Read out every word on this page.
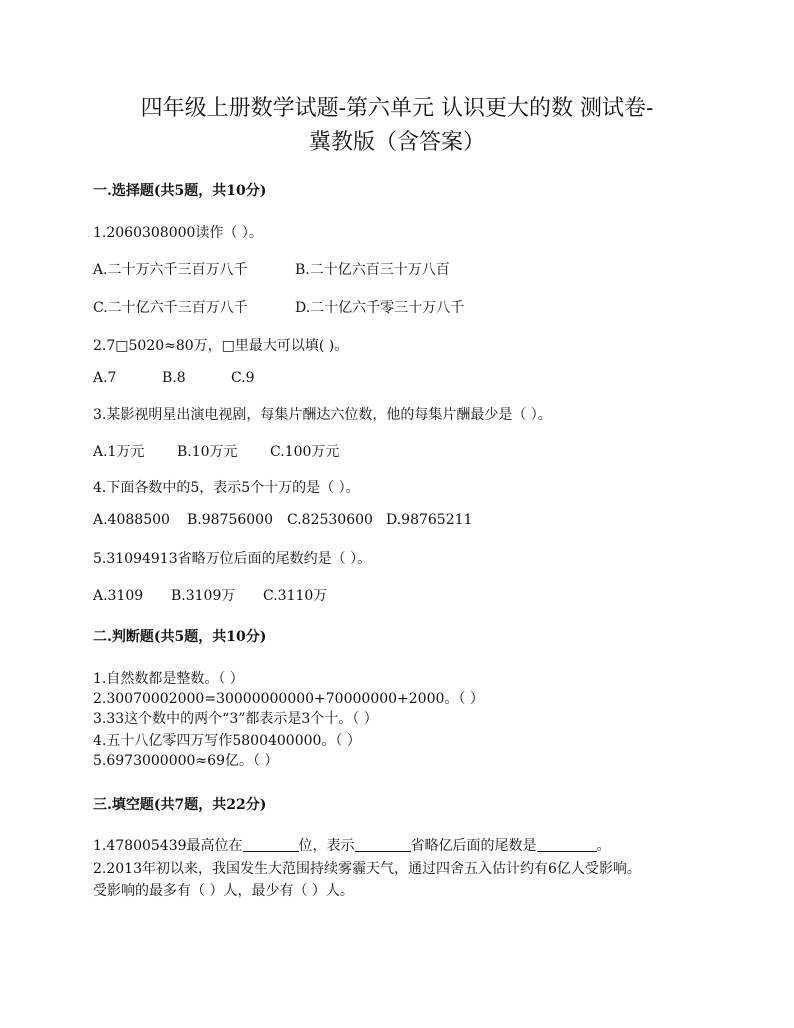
四年级上册数学试题-第六单元 认识更大的数 测试卷-
冀教版（含答案）
一.选择题(共5题，共10分)
1.2060308000读作（ ）。
A.二十万六千三百万八千	B.二十亿六百三十万八百
C.二十亿六千三百万八千	D.二十亿六千零三十万八千
2.7□5020≈80万，□里最大可以填( )。
A.7	B.8	C.9
3.某影视明星出演电视剧，每集片酬达六位数，他的每集片酬最少是（ ）。
A.1万元 B.10万元 C.100万元
4.下面各数中的5，表示5个十万的是（ ）。
A.4088500 B.98756000 C.82530600 D.98765211
5.31094913省略万位后面的尾数约是（ ）。
A.3109 B.3109万 C.3110万
二.判断题(共5题，共10分)
1.自然数都是整数。（ ）
2.30070002000=30000000000+70000000+2000。（ ）
3.33这个数中的两个“3”都表示是3个十。（ ）
4.五十八亿零四万写作5800400000。（ ）
5.6973000000≈69亿。（ ）
三.填空题(共7题，共22分)
1.478005439最高位在	位，表示	省略亿后面的尾数是	。
2.2013年初以来，我国发生大范围持续雾霾天气，通过四舍五入估计约有6亿人受影响。
受影响的最多有（ ）人，最少有（ ）人。
